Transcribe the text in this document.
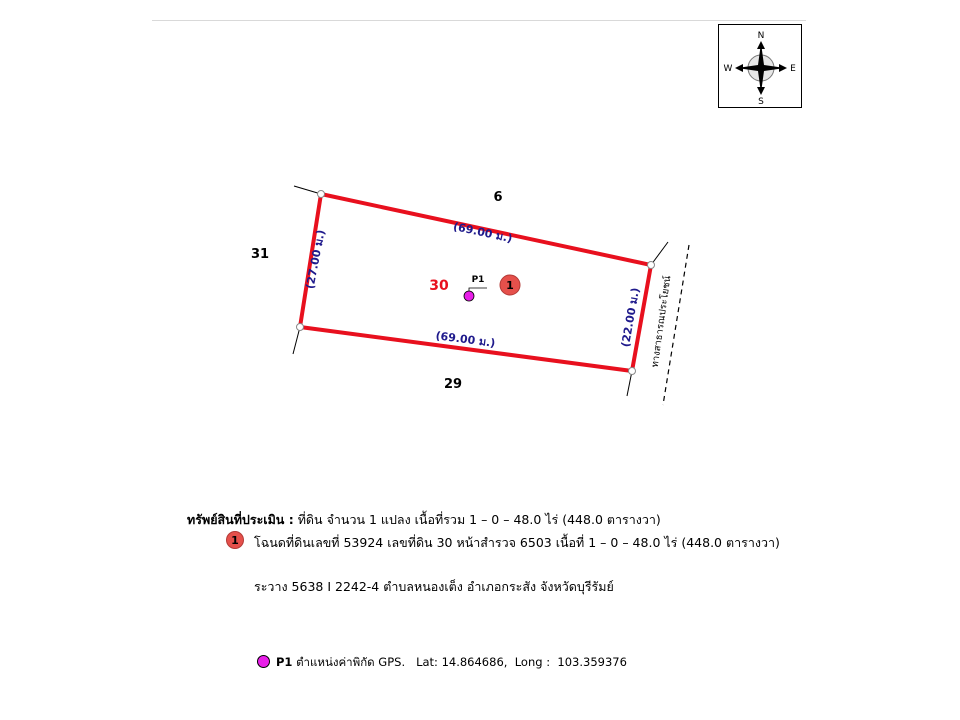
(69.00 ม.)
(69.00 ม.)
(27.00 ม.)
(22.00 ม.) ทางสาธารณประโยชน์
6
31
29
30	P1 1
N
S
W	E
ทรัพย์สินที่ประเมิน : ที่ดิน จำนวน 1 แปลง เนื้อที่รวม 1 – 0 – 48.0 ไร่ (448.0 ตารางวา)
1	โฉนดที่ดินเลขที่ 53924 เลขที่ดิน 30 หน้าสำรวจ 6503 เนื้อที่ 1 – 0 – 48.0 ไร่ (448.0 ตารางวา)
ระวาง 5638 I 2242-4 ตำบลหนองเต็ง อำเภอกระสัง จังหวัดบุรีรัมย์
P1 ตำแหน่งค่าพิกัด GPS.   Lat: 14.864686,  Long :  103.359376
